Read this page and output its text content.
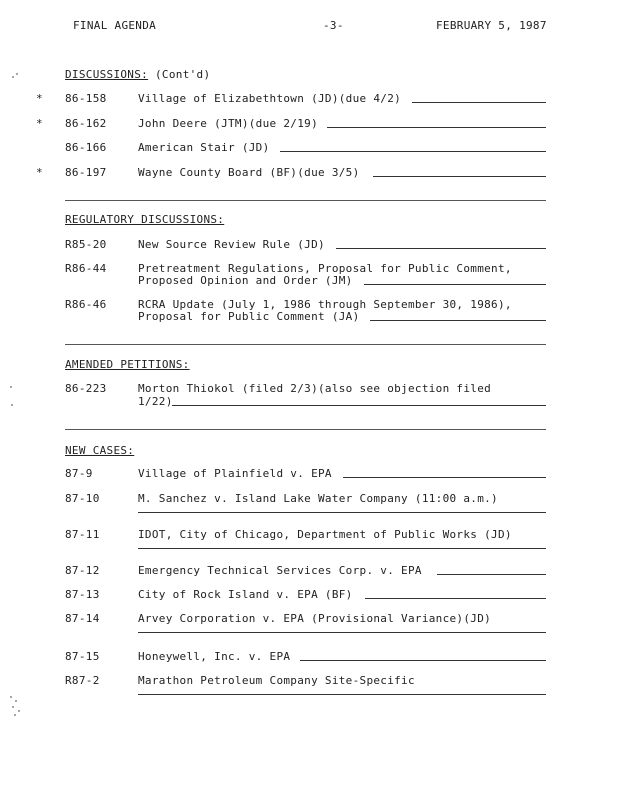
FINAL AGENDA	-3-	FEBRUARY 5, 1987
DISCUSSIONS: (Cont'd)
* 86-158	Village of Elizabethtown (JD)(due 4/2)
* 86-162	John Deere (JTM)(due 2/19)
86-166	American Stair (JD)
* 86-197	Wayne County Board (BF)(due 3/5)
REGULATORY DISCUSSIONS:
R85-20	New Source Review Rule (JD)
R86-44	Pretreatment Regulations, Proposal for Public Comment,
Proposed Opinion and Order (JM)
R86-46	RCRA Update (July 1, 1986 through September 30, 1986),
Proposal for Public Comment (JA)
AMENDED PETITIONS:
86-223	Morton Thiokol (filed 2/3)(also see objection filed
1/22)
NEW CASES:
87-9	Village of Plainfield v. EPA
87-10	M. Sanchez v. Island Lake Water Company (11:00 a.m.)
87-11	IDOT, City of Chicago, Department of Public Works (JD)
87-12	Emergency Technical Services Corp. v. EPA
87-13	City of Rock Island v. EPA (BF)
87-14	Arvey Corporation v. EPA (Provisional Variance)(JD)
87-15	Honeywell, Inc. v. EPA
R87-2	Marathon Petroleum Company Site-Specific
